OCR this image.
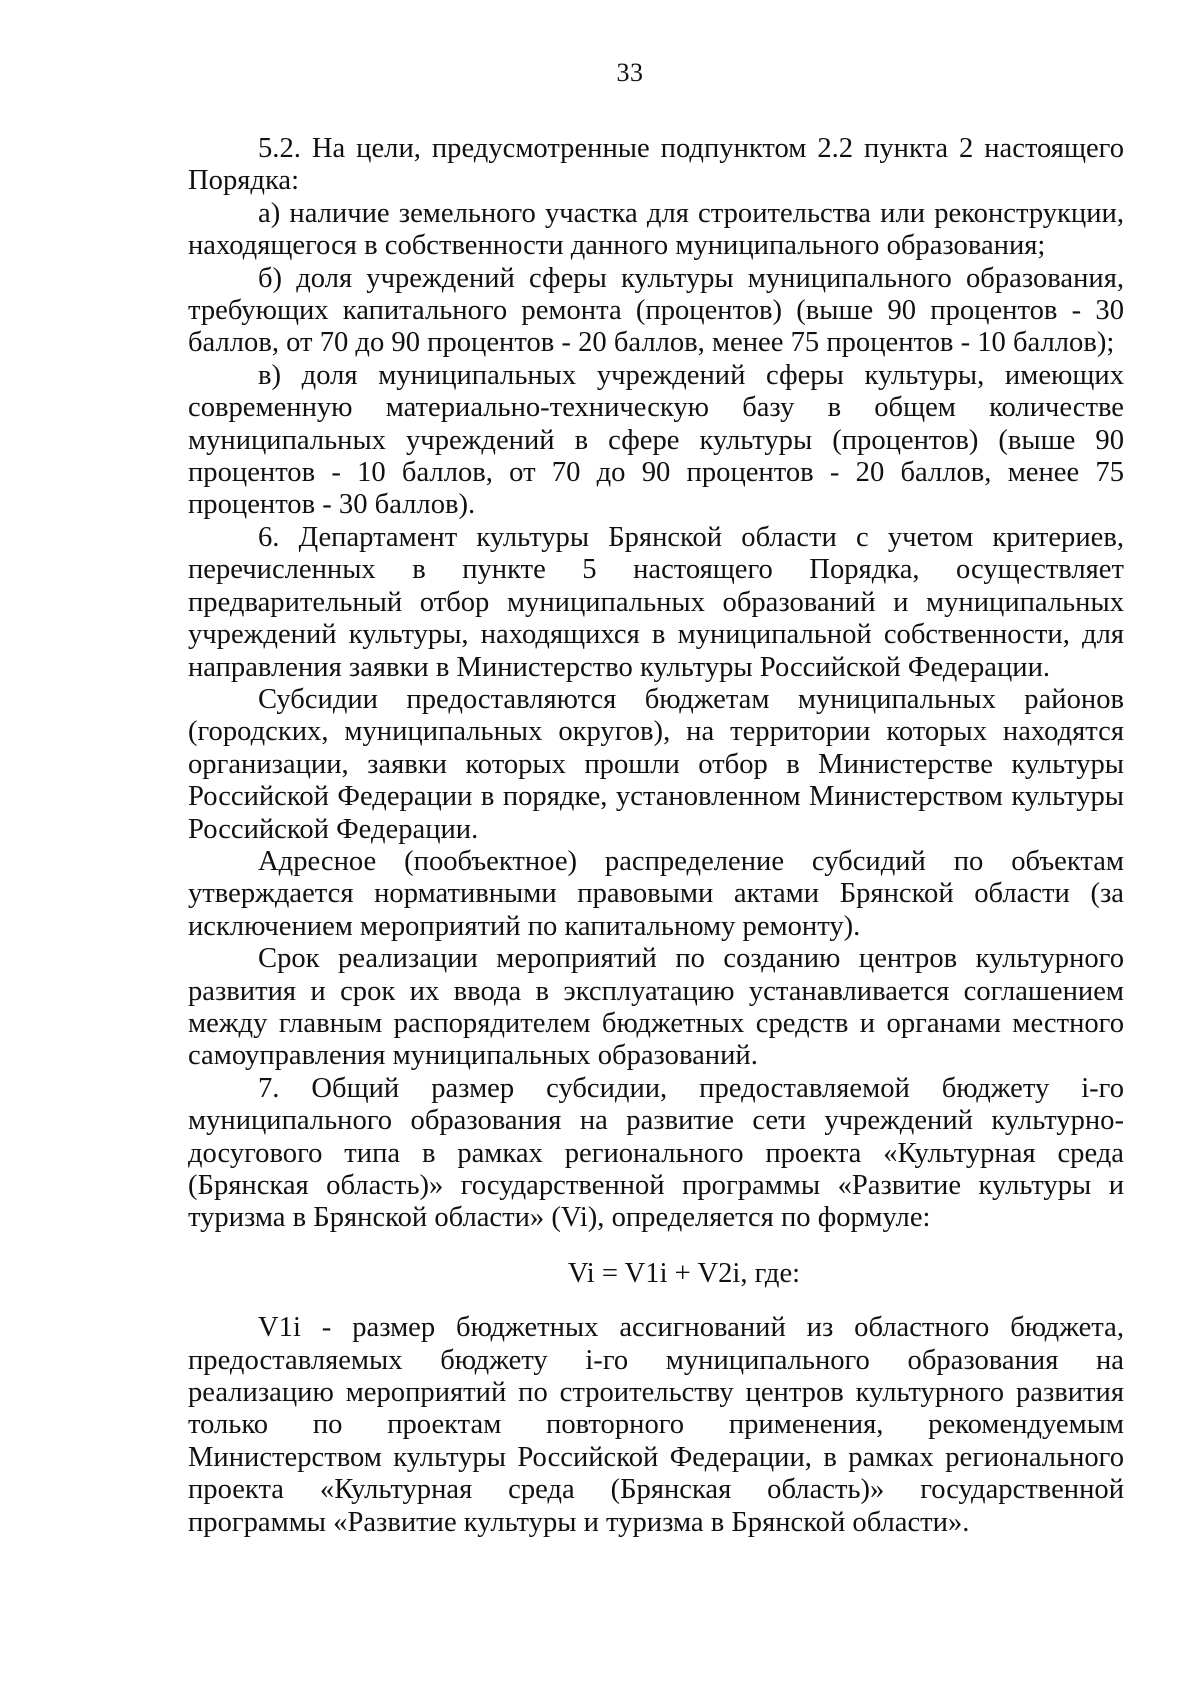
33

5.2. На цели, предусмотренные подпунктом 2.2 пункта 2 настоящего Порядка:

а) наличие земельного участка для строительства или реконструкции, находящегося в собственности данного муниципального образования;

б) доля учреждений сферы культуры муниципального образования, требующих капитального ремонта (процентов) (выше 90 процентов - 30 баллов, от 70 до 90 процентов - 20 баллов, менее 75 процентов - 10 баллов);

в) доля муниципальных учреждений сферы культуры, имеющих современную материально-техническую базу в общем количестве муниципальных учреждений в сфере культуры (процентов) (выше 90 процентов - 10 баллов, от 70 до 90 процентов - 20 баллов, менее 75 процентов - 30 баллов).

6. Департамент культуры Брянской области с учетом критериев, перечисленных в пункте 5 настоящего Порядка, осуществляет предварительный отбор муниципальных образований и муниципальных учреждений культуры, находящихся в муниципальной собственности, для направления заявки в Министерство культуры Российской Федерации.

Субсидии предоставляются бюджетам муниципальных районов (городских, муниципальных округов), на территории которых находятся организации, заявки которых прошли отбор в Министерстве культуры Российской Федерации в порядке, установленном Министерством культуры Российской Федерации.

Адресное (пообъектное) распределение субсидий по объектам утверждается нормативными правовыми актами Брянской области (за исключением мероприятий по капитальному ремонту).

Срок реализации мероприятий по созданию центров культурного развития и срок их ввода в эксплуатацию устанавливается соглашением между главным распорядителем бюджетных средств и органами местного самоуправления муниципальных образований.

7. Общий размер субсидии, предоставляемой бюджету i-го муниципального образования на развитие сети учреждений культурно-досугового типа в рамках регионального проекта «Культурная среда (Брянская область)» государственной программы «Развитие культуры и туризма в Брянской области» (Vi), определяется по формуле:

Vi = V1i + V2i, где:

V1i - размер бюджетных ассигнований из областного бюджета, предоставляемых бюджету i-го муниципального образования на реализацию мероприятий по строительству центров культурного развития только по проектам повторного применения, рекомендуемым Министерством культуры Российской Федерации, в рамках регионального проекта «Культурная среда (Брянская область)» государственной программы «Развитие культуры и туризма в Брянской области».
